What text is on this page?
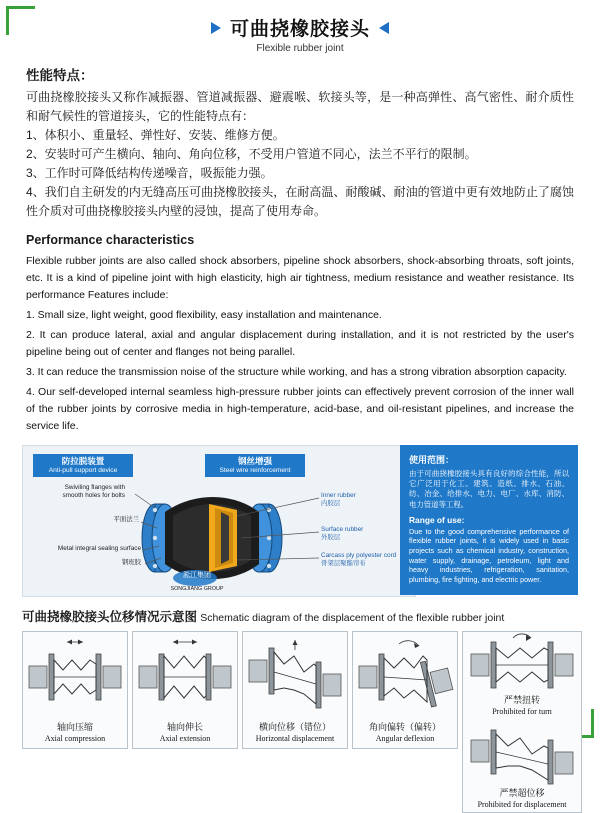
可曲挠橡胶接头
Flexible rubber joint
性能特点：

可曲挠橡胶接头又称作减振器、管道减振器、避震喉、软接头等，是一种高弹性、高气密性、耐介质性和耐气候性的管道接头，它的性能特点有：

1、体积小、重量轻、弹性好、安装、维修方便。

2、安装时可产生横向、轴向、角向位移，不受用户管道不同心，法兰不平行的限制。

3、工作时可降低结构传递噪音，吸振能力强。

4、我们自主研发的内无缝高压可曲挠橡胶接头，在耐高温、耐酸碱、耐油的管道中更有效地防止了腐蚀性介质对可曲挠橡胶接头内壁的浸蚀，提高了使用寿命。

Performance characteristics

Flexible rubber joints are also called shock absorbers, pipeline shock absorbers, shock-absorbing throats, soft joints, etc. It is a kind of pipeline joint with high elasticity, high air tightness, medium resistance and weather resistance. Its performance Features include:

1. Small size, light weight, good flexibility, easy installation and maintenance.

2. It can produce lateral, axial and angular displacement during installation, and it is not restricted by the user's pipeline being out of center and flanges not being parallel.

3. It can reduce the transmission noise of the structure while working, and has a strong vibration absorption capacity.

4. Our self-developed internal seamless high-pressure rubber joints can effectively prevent corrosion of the inner wall of the rubber joints by corrosive media in high-temperature, acid-base, and oil-resistant pipelines, and increase the service life.

防拉脱装置
Anti-pull support device
钢丝增强
Steel wire reinforcement
Swiviling flanges with
smooth holes for bolts
平面法兰
Metal integral sealing surface
钢班胶
Inner rubber
内胶层
Surface rubber
外胶层
Carcass ply polyester cord
骨架层聚酯帘布
淞江集团
SONGJIANG GROUP
使用范围：

由于可曲挠橡胶接头具有良好的综合性能，所以它广泛用于化工、建筑、造纸、排水、石油、纺、冶金、给排水、电力、电厂、水库、消防、电力管道等工程。

Range of use:

Due to the good comprehensive performance of flexible rubber joints, it is widely used in basic projects such as chemical industry, construction, water supply, drainage, petroleum, light and heavy industries, refrigeration, sanitation, plumbing, fire fighting, and electric power.

可曲挠橡胶接头位移情况示意图 Schematic diagram of the displacement of the flexible rubber joint
轴向压缩
Axial compression
轴向伸长
Axial extension
横向位移（错位）
Horizontal displacement
角向偏转（偏转）
Angular deflexion
严禁扭转
Prohibited for turn
严禁超位移
Prohibited for displacement
